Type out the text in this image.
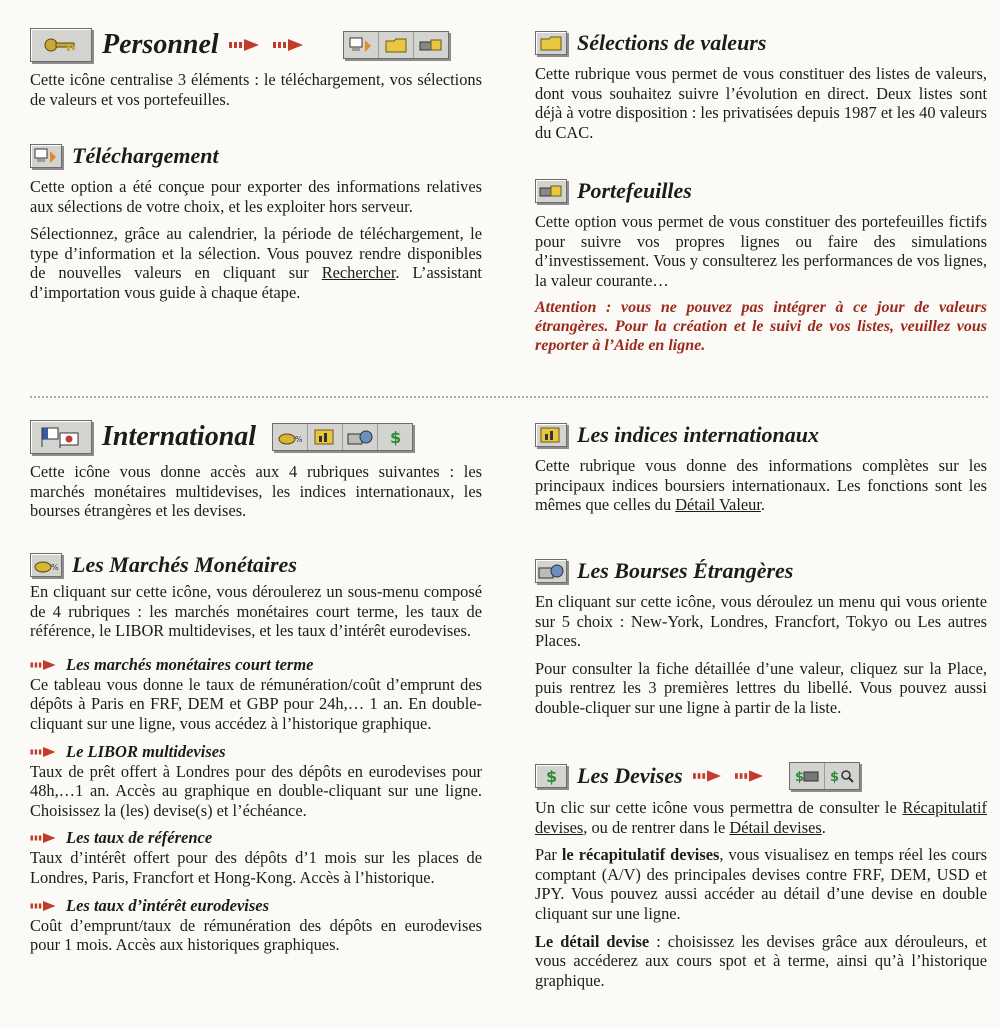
Personnel

Cette icône centralise 3 éléments : le téléchargement, vos sélections de valeurs et vos portefeuilles.

Téléchargement

Cette option a été conçue pour exporter des informations relatives aux sélections de votre choix, et les exploiter hors serveur.

Sélectionnez, grâce au calendrier, la période de téléchargement, le type d’information et la sélection. Vous pouvez rendre disponibles de nouvelles valeurs en cliquant sur Rechercher. L’assistant d’importation vous guide à chaque étape.

Sélections de valeurs

Cette rubrique vous permet de vous constituer des listes de valeurs, dont vous souhaitez suivre l’évolution en direct. Deux listes sont déjà à votre disposition : les privatisées depuis 1987 et les 40 valeurs du CAC.

Portefeuilles

Cette option vous permet de vous constituer des portefeuilles fictifs pour suivre vos propres lignes ou faire des simulations d’investissement. Vous y consulterez les performances de vos lignes, la valeur courante…

Attention : vous ne pouvez pas intégrer à ce jour de valeurs étrangères. Pour la création et le suivi de vos listes, veuillez vous reporter à l’Aide en ligne.

International	%	$

Cette icône vous donne accès aux 4 rubriques suivantes : les marchés monétaires multidevises, les indices internationaux, les bourses étrangères et les devises.

% Les Marchés Monétaires

En cliquant sur cette icône, vous déroulerez un sous-menu composé de 4 rubriques : les marchés monétaires court terme, les taux de référence, le LIBOR multidevises, et les taux d’intérêt eurodevises.

Les marchés monétaires court terme

Ce tableau vous donne le taux de rémunération/coût d’emprunt des dépôts à Paris en FRF, DEM et GBP pour 24h,… 1 an. En double-cliquant sur une ligne, vous accédez à l’historique graphique.

Le LIBOR multidevises

Taux de prêt offert à Londres pour des dépôts en eurodevises pour 48h,…1 an. Accès au graphique en double-cliquant sur une ligne. Choisissez la (les) devise(s) et l’échéance.

Les taux de référence

Taux d’intérêt offert pour des dépôts d’1 mois sur les places de Londres, Paris, Francfort et Hong-Kong. Accès à l’historique.

Les taux d’intérêt eurodevises

Coût d’emprunt/taux de rémunération des dépôts en eurodevises pour 1 mois. Accès aux historiques graphiques.

Les indices internationaux

Cette rubrique vous donne des informations complètes sur les principaux indices boursiers internationaux. Les fonctions sont les mêmes que celles du Détail Valeur.

Les Bourses Étrangères

En cliquant sur cette icône, vous déroulez un menu qui vous oriente sur 5 choix : New-York, Londres, Francfort, Tokyo ou Les autres Places.

Pour consulter la fiche détaillée d’une valeur, cliquez sur la Place, puis rentrez les 3 premières lettres du libellé. Vous pouvez aussi double-cliquer sur une ligne à partir de la liste.

$ Les Devises	$ $

Un clic sur cette icône vous permettra de consulter le Récapitulatif devises, ou de rentrer dans le Détail devises.

Par le récapitulatif devises, vous visualisez en temps réel les cours comptant (A/V) des principales devises contre FRF, DEM, USD et JPY. Vous pouvez aussi accéder au détail d’une devise en double cliquant sur une ligne.

Le détail devise : choisissez les devises grâce aux dérouleurs, et vous accéderez aux cours spot et à terme, ainsi qu’à l’historique graphique.
